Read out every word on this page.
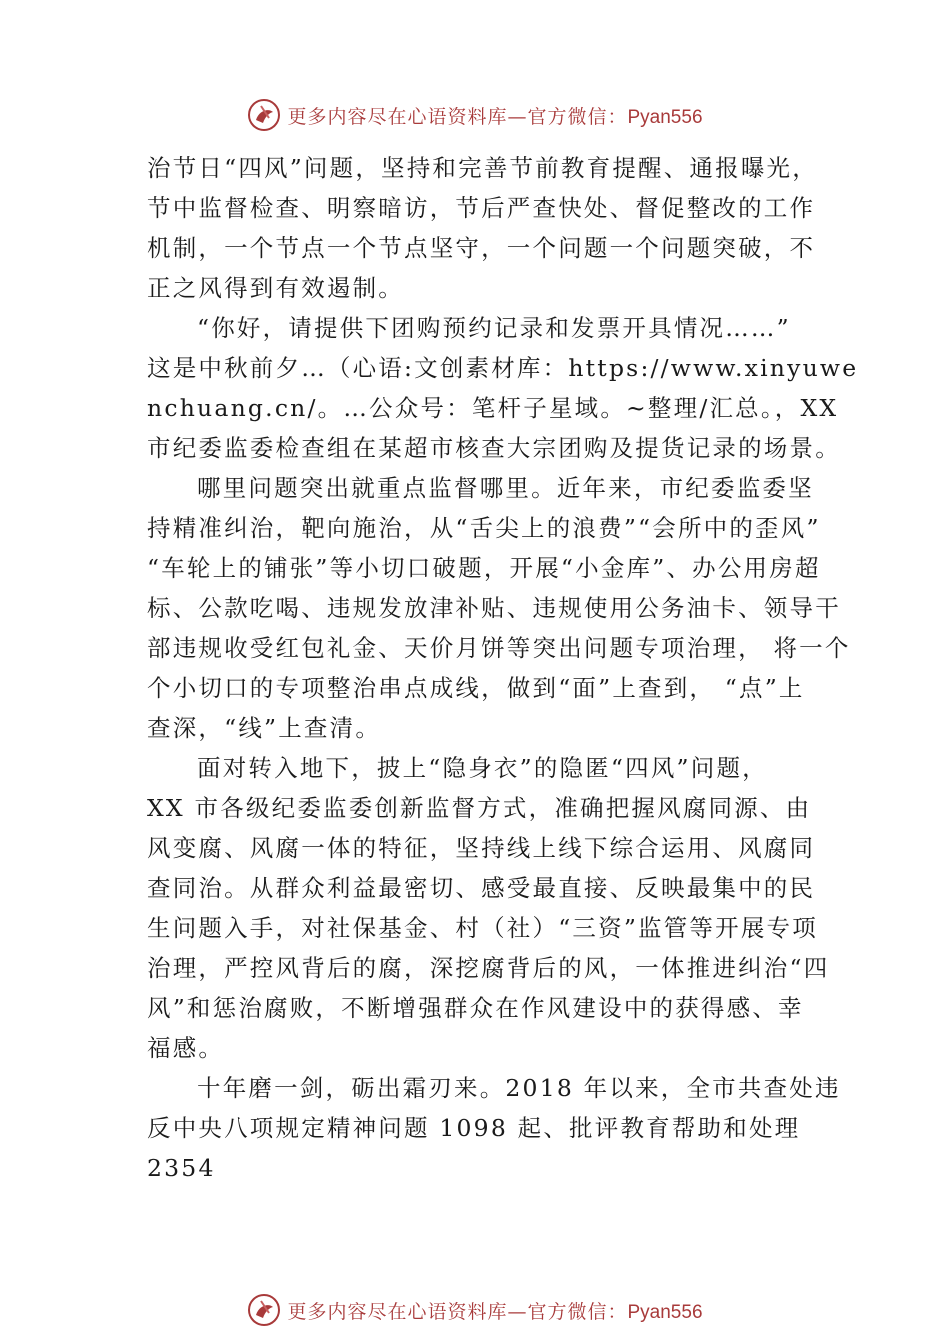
更多内容尽在心语资料库—官方微信：Pyan556
治节日“四风”问题，坚持和完善节前教育提醒、通报曝光，
节中监督检查、明察暗访，节后严查快处、督促整改的工作
机制，一个节点一个节点坚守，一个问题一个问题突破，不
正之风得到有效遏制。
“你好，请提供下团购预约记录和发票开具情况……”
这是中秋前夕…（心语:文创素材库：https://www.xinyuwe
nchuang.cn/。…公众号：笔杆子星域。~整理/汇总。，XX
市纪委监委检查组在某超市核查大宗团购及提货记录的场景。
哪里问题突出就重点监督哪里。近年来，市纪委监委坚
持精准纠治，靶向施治，从“舌尖上的浪费”“会所中的歪风”
“车轮上的铺张”等小切口破题，开展“小金库”、办公用房超
标、公款吃喝、违规发放津补贴、违规使用公务油卡、领导干
部违规收受红包礼金、天价月饼等突出问题专项治理， 将一个
个小切口的专项整治串点成线，做到“面”上查到， “点”上
查深，“线”上查清。
面对转入地下，披上“隐身衣”的隐匿“四风”问题，
XX 市各级纪委监委创新监督方式，准确把握风腐同源、由
风变腐、风腐一体的特征，坚持线上线下综合运用、风腐同
查同治。从群众利益最密切、感受最直接、反映最集中的民
生问题入手，对社保基金、村（社）“三资”监管等开展专项
治理，严控风背后的腐，深挖腐背后的风，一体推进纠治“四
风”和惩治腐败，不断增强群众在作风建设中的获得感、幸
福感。
十年磨一剑，砺出霜刃来。2018 年以来，全市共查处违
反中央八项规定精神问题 1098 起、批评教育帮助和处理
2354
更多内容尽在心语资料库—官方微信：Pyan556
